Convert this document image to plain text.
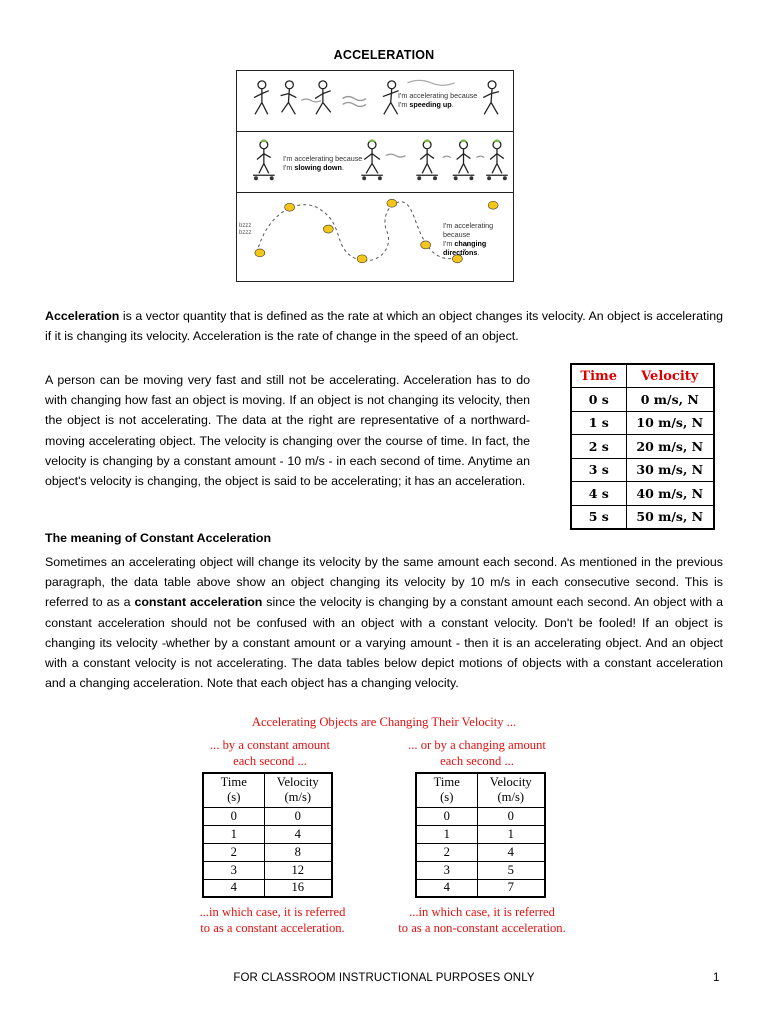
ACCELERATION
I'm accelerating because
I'm speeding up.
I'm accelerating because
I'm slowing down.
bzzz bzzz
I'm accelerating because
I'm changing directions.

Acceleration is a vector quantity that is defined as the rate at which an object changes its velocity. An object is accelerating if it is changing its velocity. Acceleration is the rate of change in the speed of an object.

A person can be moving very fast and still not be accelerating. Acceleration has to do with changing how fast an object is moving. If an object is not changing its velocity, then the object is not accelerating. The data at the right are representative of a northward-moving accelerating object. The velocity is changing over the course of time. In fact, the velocity is changing by a constant amount - 10 m/s - in each second of time. Anytime an object's velocity is changing, the object is said to be accelerating; it has an acceleration.

Time	Velocity
0 s	0 m/s, N
1 s	10 m/s, N
2 s	20 m/s, N
3 s	30 m/s, N
4 s	40 m/s, N
5 s	50 m/s, N
The meaning of Constant Acceleration

Sometimes an accelerating object will change its velocity by the same amount each second. As mentioned in the previous paragraph, the data table above show an object changing its velocity by 10 m/s in each consecutive second. This is referred to as a constant acceleration since the velocity is changing by a constant amount each second. An object with a constant acceleration should not be confused with an object with a constant velocity. Don't be fooled! If an object is changing its velocity -whether by a constant amount or a varying amount - then it is an accelerating object. And an object with a constant velocity is not accelerating. The data tables below depict motions of objects with a constant acceleration and a changing acceleration. Note that each object has a changing velocity.

Accelerating Objects are Changing Their Velocity ...
... by a constant amount
each second ...
... or by a changing amount
each second ...
Time
(s)	Velocity
(m/s)
0	0
1	4
2	8
3	12
4	16
Time
(s)	Velocity
(m/s)
0	0
1	1
2	4
3	5
4	7
...in which case, it is referred
to as a constant acceleration.
...in which case, it is referred
to as a non-constant acceleration.
FOR CLASSROOM INSTRUCTIONAL PURPOSES ONLY	1
